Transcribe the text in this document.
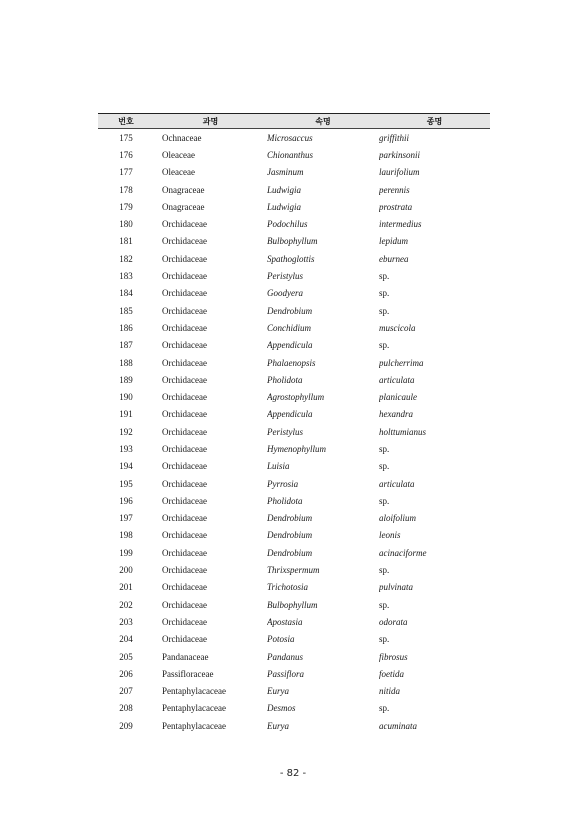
번호	과명	속명	종명
175	Ochnaceae	Microsaccus	griffithii
176	Oleaceae	Chionanthus	parkinsonii
177	Oleaceae	Jasminum	laurifolium
178	Onagraceae	Ludwigia	perennis
179	Onagraceae	Ludwigia	prostrata
180	Orchidaceae	Podochilus	intermedius
181	Orchidaceae	Bulbophyllum	lepidum
182	Orchidaceae	Spathoglottis	eburnea
183	Orchidaceae	Peristylus	sp.
184	Orchidaceae	Goodyera	sp.
185	Orchidaceae	Dendrobium	sp.
186	Orchidaceae	Conchidium	muscicola
187	Orchidaceae	Appendicula	sp.
188	Orchidaceae	Phalaenopsis	pulcherrima
189	Orchidaceae	Pholidota	articulata
190	Orchidaceae	Agrostophyllum	planicaule
191	Orchidaceae	Appendicula	hexandra
192	Orchidaceae	Peristylus	holttumianus
193	Orchidaceae	Hymenophyllum	sp.
194	Orchidaceae	Luisia	sp.
195	Orchidaceae	Pyrrosia	articulata
196	Orchidaceae	Pholidota	sp.
197	Orchidaceae	Dendrobium	aloifolium
198	Orchidaceae	Dendrobium	leonis
199	Orchidaceae	Dendrobium	acinaciforme
200	Orchidaceae	Thrixspermum	sp.
201	Orchidaceae	Trichotosia	pulvinata
202	Orchidaceae	Bulbophyllum	sp.
203	Orchidaceae	Apostasia	odorata
204	Orchidaceae	Potosia	sp.
205	Pandanaceae	Pandanus	fibrosus
206	Passifloraceae	Passiflora	foetida
207	Pentaphylacaceae	Eurya	nitida
208	Pentaphylacaceae	Desmos	sp.
209	Pentaphylacaceae	Eurya	acuminata
- 82 -
